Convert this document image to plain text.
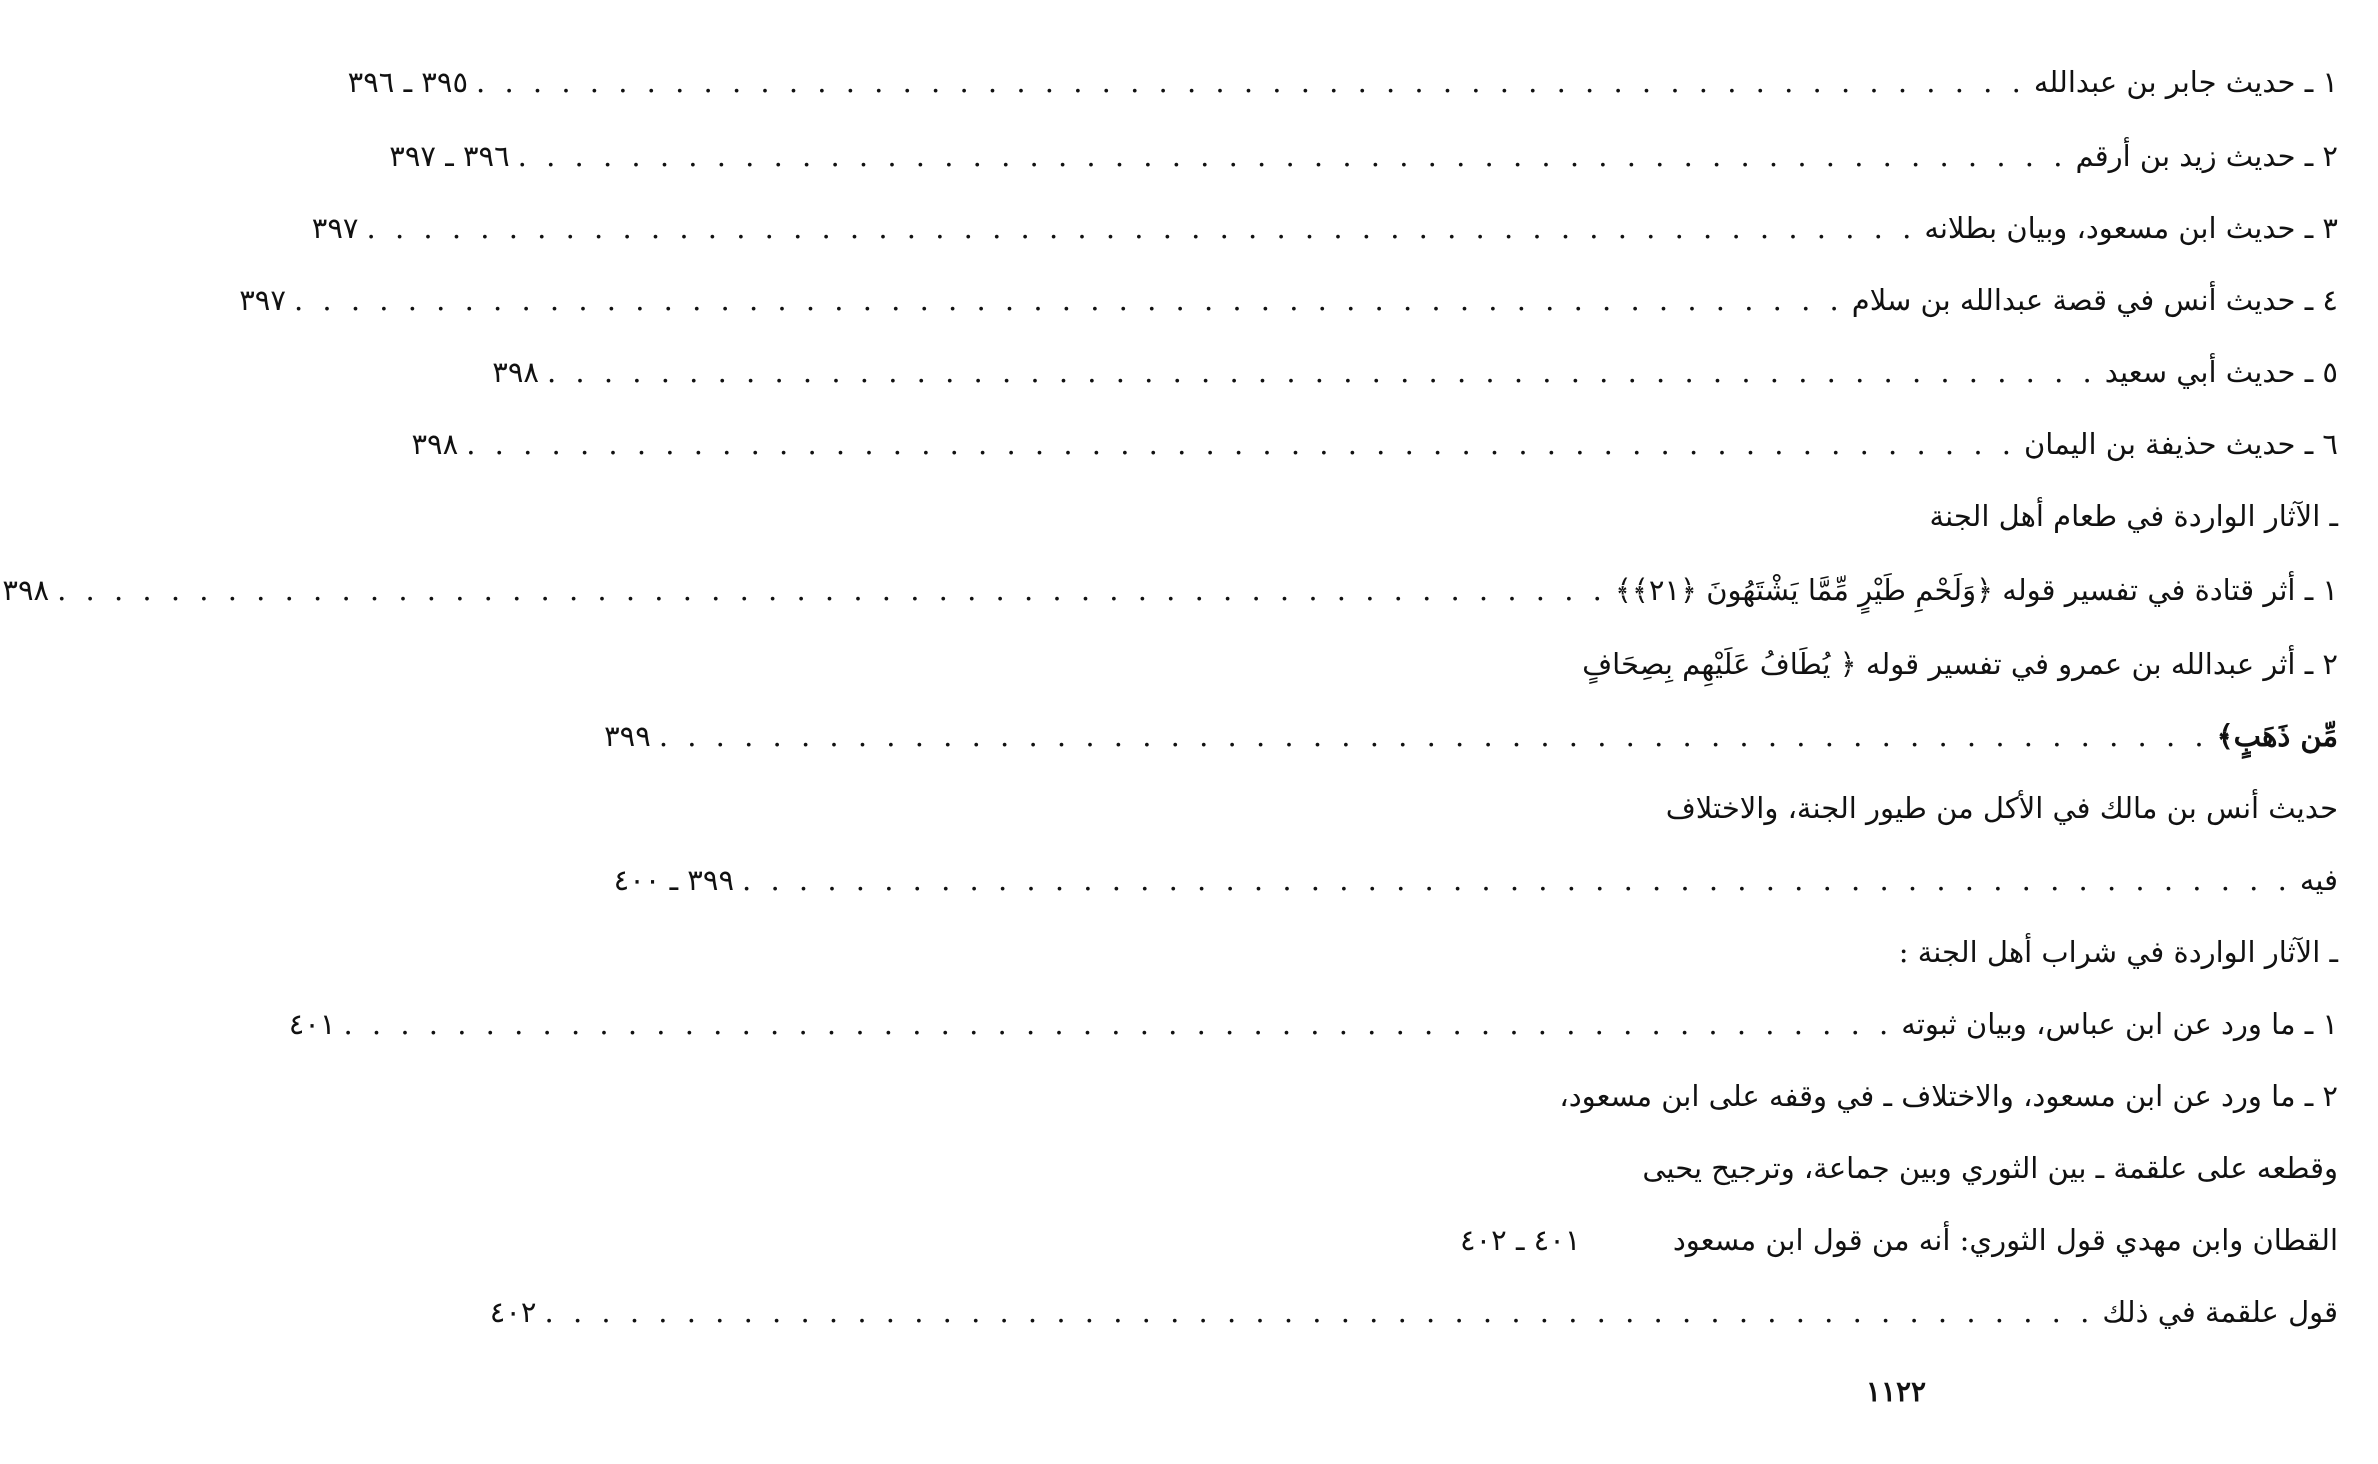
١ ـ حديث جابر بن عبدالله
. . . . . . . . . . . . . . . . . . . . . . . . . . . . . . . . . . . . . . . . . . . . . . . . . . . . . . .
٣٩٥ ـ ٣٩٦
٢ ـ حديث زيد بن أرقم
. . . . . . . . . . . . . . . . . . . . . . . . . . . . . . . . . . . . . . . . . . . . . . . . . . . . . . .
٣٩٦ ـ ٣٩٧
٣ ـ حديث ابن مسعود، وبيان بطلانه
. . . . . . . . . . . . . . . . . . . . . . . . . . . . . . . . . . . . . . . . . . . . . . . . . . . . . . .
٣٩٧
٤ ـ حديث أنس في قصة عبدالله بن سلام
. . . . . . . . . . . . . . . . . . . . . . . . . . . . . . . . . . . . . . . . . . . . . . . . . . . . . . .
٣٩٧
٥ ـ حديث أبي سعيد
. . . . . . . . . . . . . . . . . . . . . . . . . . . . . . . . . . . . . . . . . . . . . . . . . . . . . . .
٣٩٨
٦ ـ حديث حذيفة بن اليمان
. . . . . . . . . . . . . . . . . . . . . . . . . . . . . . . . . . . . . . . . . . . . . . . . . . . . . . .
٣٩٨
ـ الآثار الواردة في طعام أهل الجنة
١ ـ أثر قتادة في تفسير قوله ﴿وَلَحْمِ طَيْرٍ مِّمَّا يَشْتَهُونَ ﴿٢١﴾﴾
. . . . . . . . . . . . . . . . . . . . . . . . . . . . . . . . . . . . . . . . . . . . . . . . . . . . . . .
٣٩٨
٢ ـ أثر عبدالله بن عمرو في تفسير قوله ﴿ يُطَافُ عَلَيْهِم بِصِحَافٍ
مِّن ذَهَبٍ﴾
. . . . . . . . . . . . . . . . . . . . . . . . . . . . . . . . . . . . . . . . . . . . . . . . . . . . . . .
٣٩٩
حديث أنس بن مالك في الأكل من طيور الجنة، والاختلاف
فيه
. . . . . . . . . . . . . . . . . . . . . . . . . . . . . . . . . . . . . . . . . . . . . . . . . . . . . . .
٣٩٩ ـ ٤٠٠
ـ الآثار الواردة في شراب أهل الجنة :
١ ـ ما ورد عن ابن عباس، وبيان ثبوته
. . . . . . . . . . . . . . . . . . . . . . . . . . . . . . . . . . . . . . . . . . . . . . . . . . . . . . .
٤٠١
٢ ـ ما ورد عن ابن مسعود، والاختلاف ـ في وقفه على ابن مسعود،
وقطعه على علقمة ـ بين الثوري وبين جماعة، وترجيح يحيى
القطان وابن مهدي قول الثوري: أنه من قول ابن مسعود
٤٠١ ـ ٤٠٢
قول علقمة في ذلك
. . . . . . . . . . . . . . . . . . . . . . . . . . . . . . . . . . . . . . . . . . . . . . . . . . . . . . .
٤٠٢
١١٢٢
